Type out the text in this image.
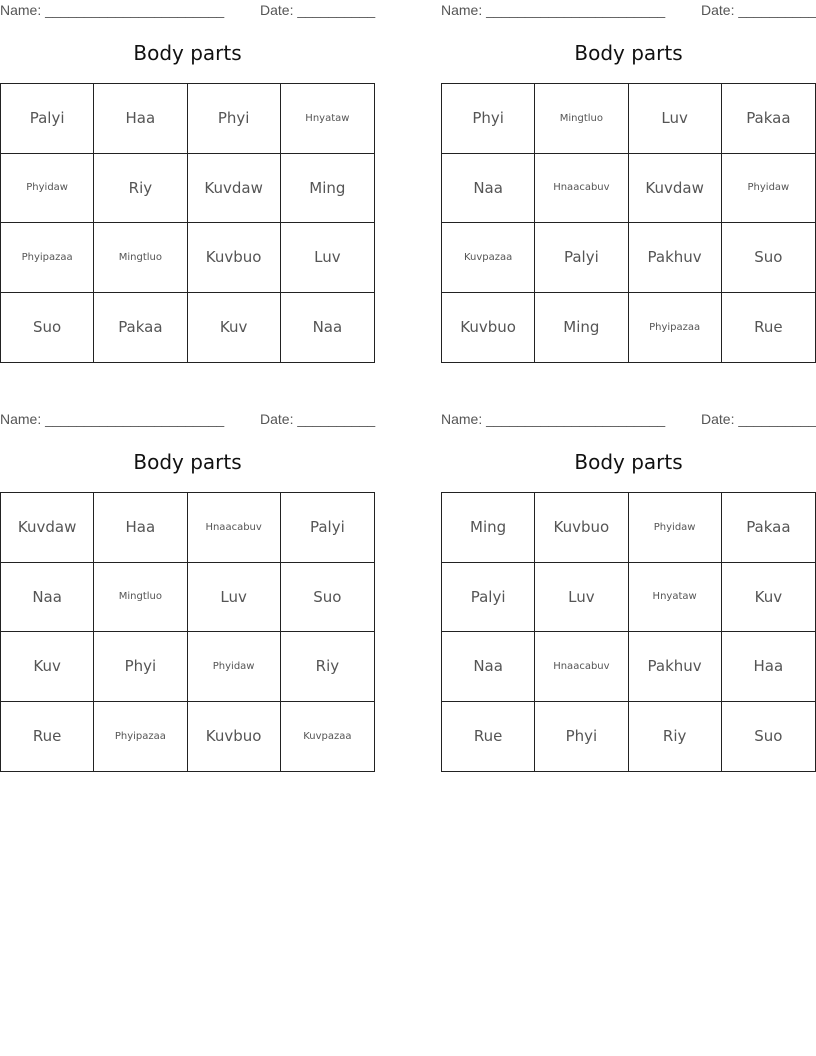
Name: _______________________	Date: __________
Body parts
Palyi	Haa	Phyi	Hnyataw
Phyidaw	Riy	Kuvdaw	Ming
Phyipazaa	Mingtluo	Kuvbuo	Luv
Suo	Pakaa	Kuv	Naa
Name: _______________________	Date: __________
Body parts
Phyi	Mingtluo	Luv	Pakaa
Naa	Hnaacabuv	Kuvdaw	Phyidaw
Kuvpazaa	Palyi	Pakhuv	Suo
Kuvbuo	Ming	Phyipazaa	Rue
Name: _______________________	Date: __________
Body parts
Kuvdaw	Haa	Hnaacabuv	Palyi
Naa	Mingtluo	Luv	Suo
Kuv	Phyi	Phyidaw	Riy
Rue	Phyipazaa	Kuvbuo	Kuvpazaa
Name: _______________________	Date: __________
Body parts
Ming	Kuvbuo	Phyidaw	Pakaa
Palyi	Luv	Hnyataw	Kuv
Naa	Hnaacabuv	Pakhuv	Haa
Rue	Phyi	Riy	Suo
